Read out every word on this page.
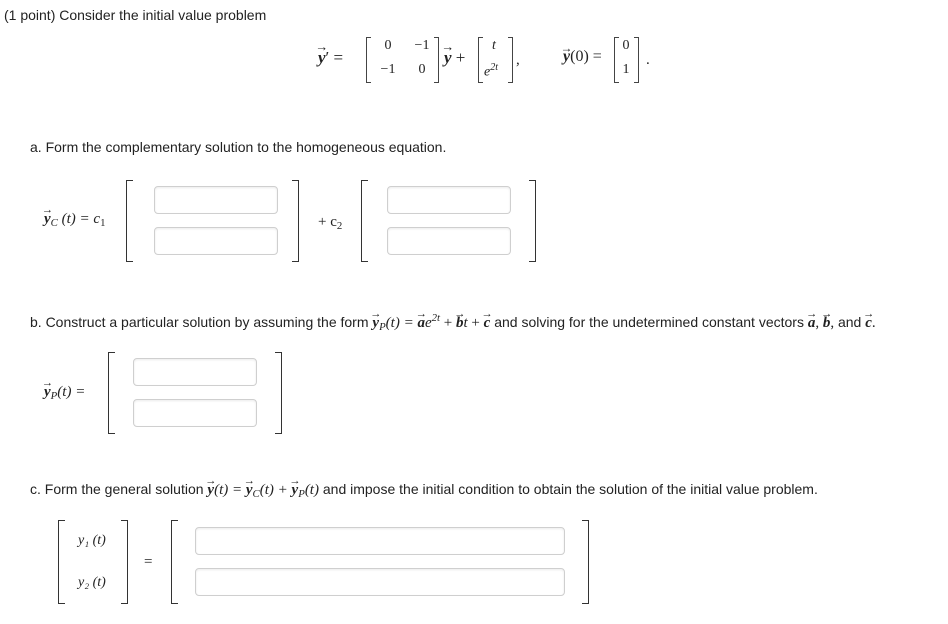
(1 point) Consider the initial value problem
y →′ =
0	−1
−1	0
y → +
t
$e^{2t}$ ,	y →(0) =
0
1
.
a. Form the complementary solution to the homogeneous equation.
$y \to_C$ $(t) = c_1$	+ $c_2$
b. Construct a particular solution by assuming the form $y \to_P(t) = a \to e^{2t} + b \to t + c$ → and solving for the undetermined constant vectors a →, b →, and c →.
$y \to_P(t)$ =
c. Form the general solution $y \to(t) = y \to_C(t) + y \to_P(t)$ and impose the initial condition to obtain the solution of the initial value problem.
y₁ (t)
y₂ (t)
=
